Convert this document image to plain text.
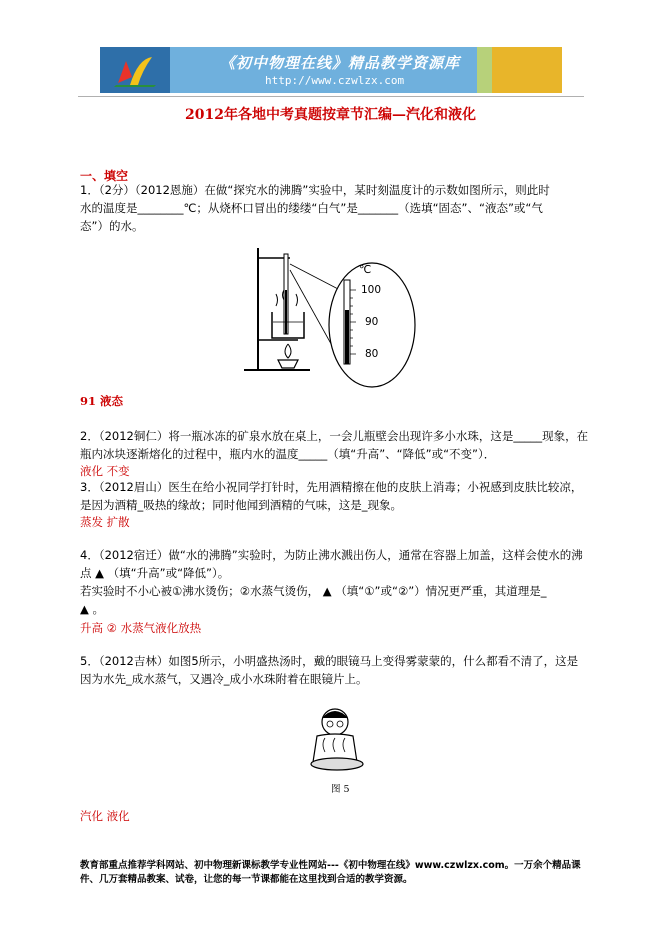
《初中物理在线》精品教学资源库
http://www.czwlzx.com
2012年各地中考真题按章节汇编—汽化和液化
一、填空
1．（2分）（2012恩施）在做“探究水的沸腾”实验中，某时刻温度计的示数如图所示，则此时
水的温度是________℃；从烧杯口冒出的缕缕“白气”是_______（选填“固态”、“液态”或“气
态”）的水。
℃
100
90
80
91 液态
2．（2012铜仁）将一瓶冰冻的矿泉水放在桌上，一会儿瓶壁会出现许多小水珠，这是_____现象，在
瓶内冰块逐渐熔化的过程中，瓶内水的温度_____（填“升高”、“降低”或“不变”）．
液化 不变
3．（2012眉山）医生在给小祝同学打针时，先用酒精擦在他的皮肤上消毒；小祝感到皮肤比较凉，
是因为酒精_吸热的缘故；同时他闻到酒精的气味，这是_现象。
蒸发 扩散
4．（2012宿迁）做“水的沸腾”实验时，为防止沸水溅出伤人，通常在容器上加盖，这样会使水的沸
点 ▲ （填“升高”或“降低”）。
若实验时不小心被①沸水烫伤；②水蒸气烫伤， ▲ （填“①”或“②”）情况更严重，其道理是_
▲ 。
升高 ② 水蒸气液化放热
5．（2012吉林）如图5所示，小明盛热汤时，戴的眼镜马上变得雾蒙蒙的，什么都看不清了，这是
因为水先_成水蒸气，又遇冷_成小水珠附着在眼镜片上。
图 5
汽化 液化
教育部重点推荐学科网站、初中物理新课标教学专业性网站---《初中物理在线》www.czwlzx.com。一万余个精品课
件、几万套精品教案、试卷，让您的每一节课都能在这里找到合适的教学资源。
